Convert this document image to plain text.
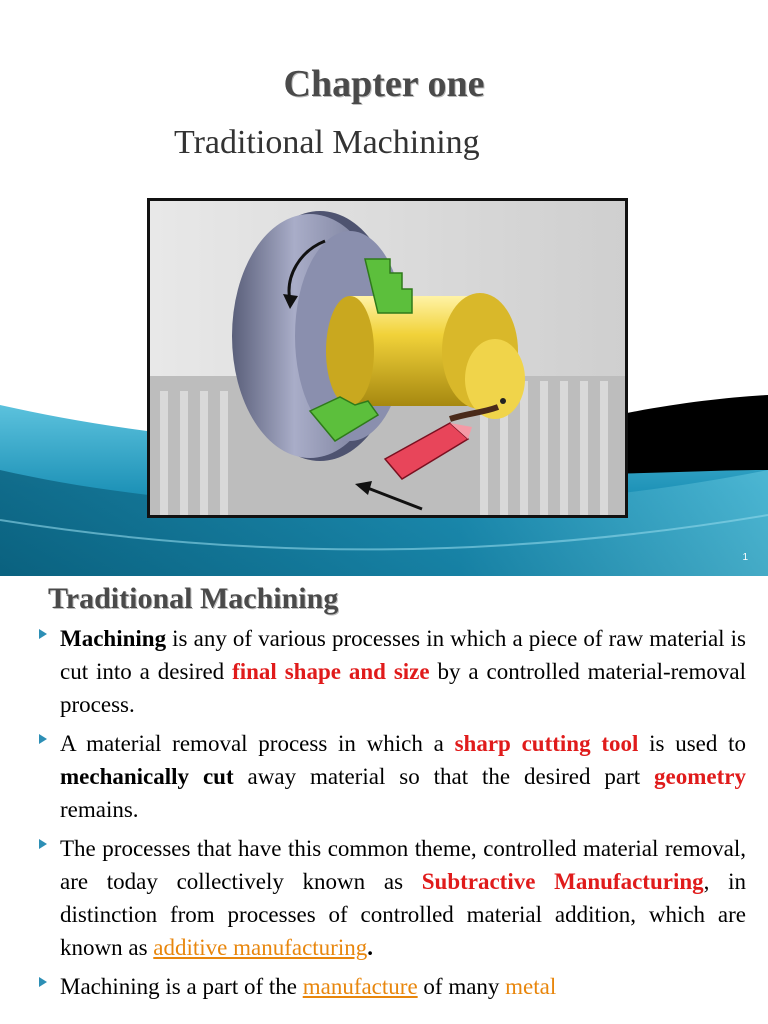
Chapter one
Traditional Machining
1
Traditional Machining
Machining is any of various processes in which a piece of raw material is cut into a desired final shape and size by a controlled material-removal process.
A material removal process in which a sharp cutting tool is used to mechanically cut away material so that the desired part geometry remains.
The processes that have this common theme, controlled material removal, are today collectively known as Subtractive Manufacturing, in distinction from processes of controlled material addition, which are known as additive manufacturing.
Machining is a part of the manufacture of many metal
